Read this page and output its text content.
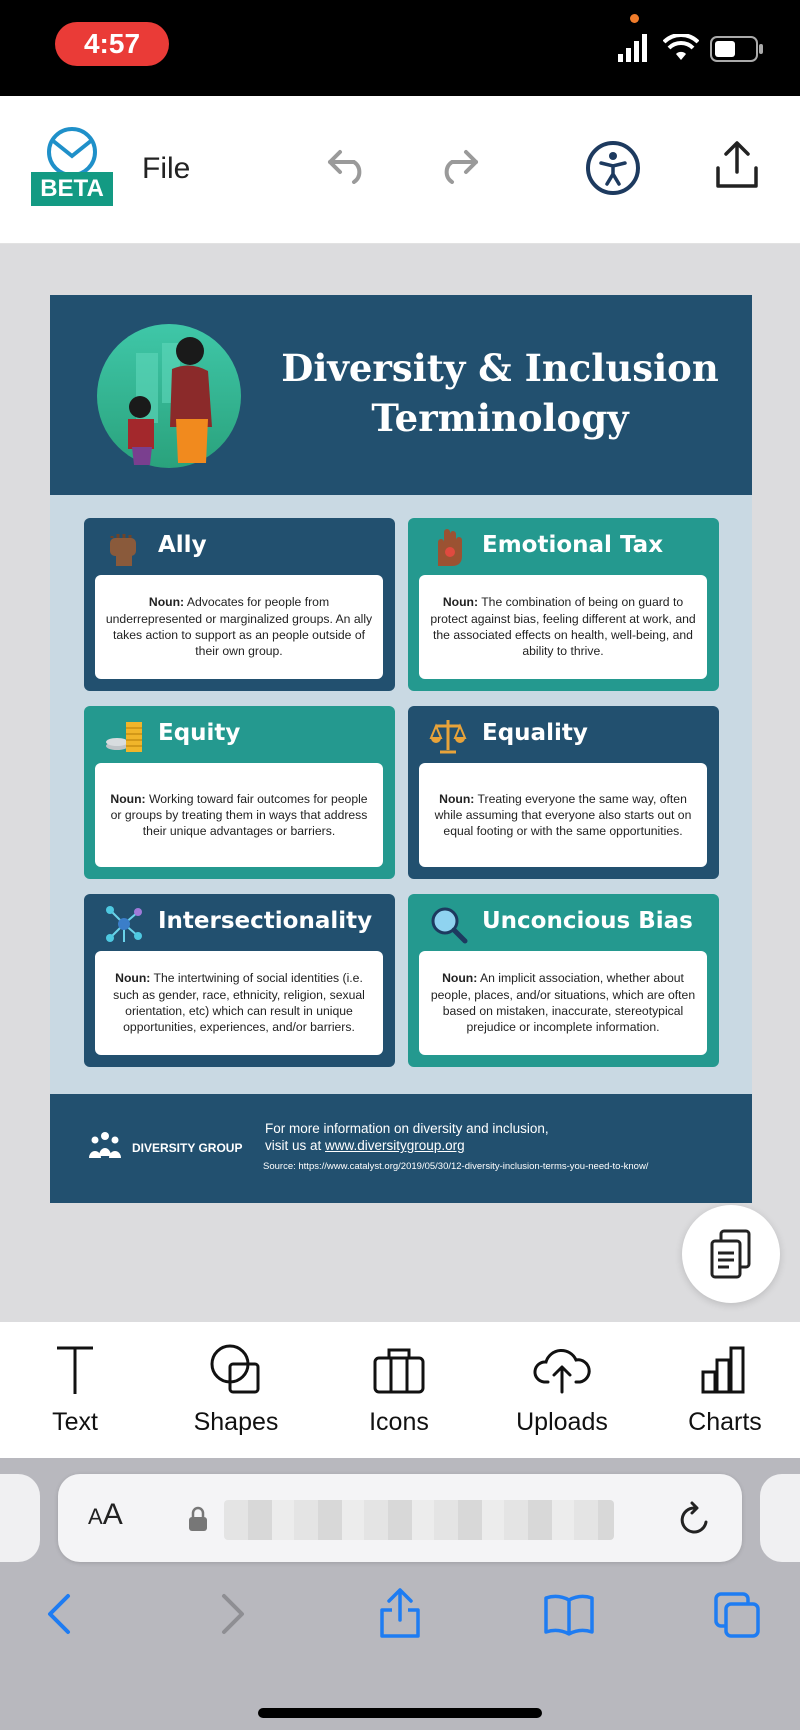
4:57
BETA
File
Diversity & Inclusion
Terminology
Ally
Noun: Advocates for people from underrepresented or marginalized groups. An ally takes action to support as an people outside of their own group.
Emotional Tax
Noun: The combination of being on guard to protect against bias, feeling different at work, and the associated effects on health, well-being, and ability to thrive.
Equity
Noun: Working toward fair outcomes for people or groups by treating them in ways that address their unique advantages or barriers.
Equality
Noun: Treating everyone the same way, often while assuming that everyone also starts out on equal footing or with the same opportunities.
Intersectionality
Noun: The intertwining of social identities (i.e. such as gender, race, ethnicity, religion, sexual orientation, etc) which can result in unique opportunities, experiences, and/or barriers.
Unconcious Bias
Noun: An implicit association, whether about people, places, and/or situations, which are often based on mistaken, inaccurate, stereotypical prejudice or incomplete information.
DIVERSITY GROUP
For more information on diversity and inclusion,
visit us at www.diversitygroup.org
Source: https://www.catalyst.org/2019/05/30/12-diversity-inclusion-terms-you-need-to-know/
Text	Shapes	Icons	Uploads	Charts
AA
